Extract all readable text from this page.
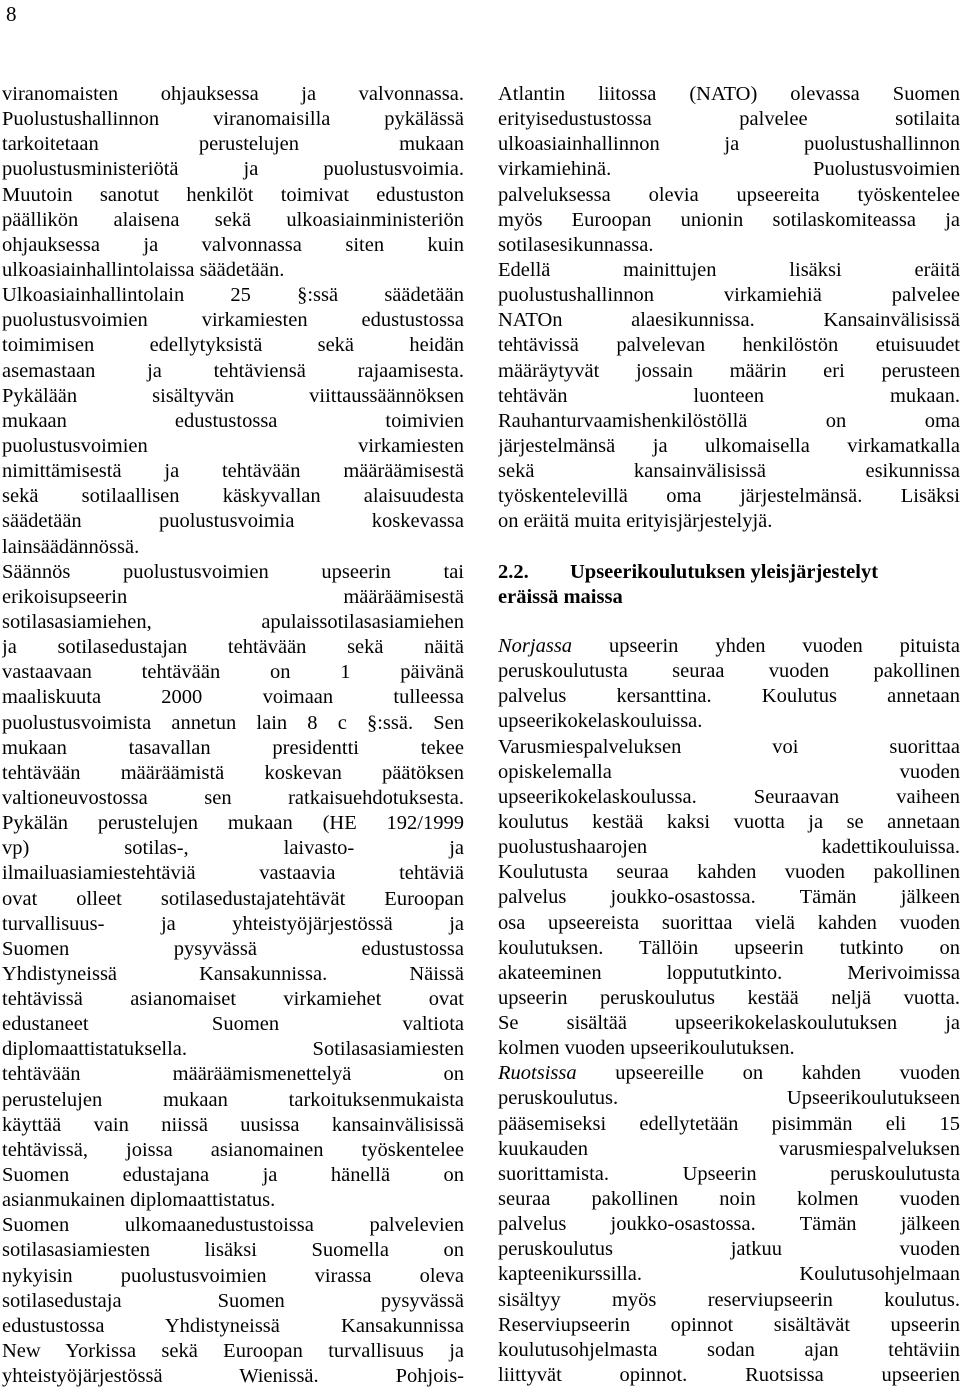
8
viranomaisten ohjauksessa ja valvonnassa.
Puolustushallinnon viranomaisilla pykälässä
tarkoitetaan perustelujen mukaan
puolustusministeriötä ja puolustusvoimia.
Muutoin sanotut henkilöt toimivat edustuston
päällikön alaisena sekä ulkoasiainministeriön
ohjauksessa ja valvonnassa siten kuin
ulkoasiainhallintolaissa säädetään.
Ulkoasiainhallintolain 25 §:ssä säädetään
puolustusvoimien virkamiesten edustustossa
toimimisen edellytyksistä sekä heidän
asemastaan ja tehtäviensä rajaamisesta.
Pykälään sisältyvän viittaussäännöksen
mukaan edustustossa toimivien
puolustusvoimien virkamiesten
nimittämisestä ja tehtävään määräämisestä
sekä sotilaallisen käskyvallan alaisuudesta
säädetään puolustusvoimia koskevassa
lainsäädännössä.
Säännös puolustusvoimien upseerin tai
erikoisupseerin määräämisestä
sotilasasiamiehen, apulaissotilasasiamiehen
ja sotilasedustajan tehtävään sekä näitä
vastaavaan tehtävään on 1 päivänä
maaliskuuta 2000 voimaan tulleessa
puolustusvoimista annetun lain 8 c §:ssä. Sen
mukaan tasavallan presidentti tekee
tehtävään määräämistä koskevan päätöksen
valtioneuvostossa sen ratkaisuehdotuksesta.
Pykälän perustelujen mukaan (HE 192/1999
vp) sotilas-, laivasto- ja
ilmailuasiamiestehtäviä vastaavia tehtäviä
ovat olleet sotilasedustajatehtävät Euroopan
turvallisuus- ja yhteistyöjärjestössä ja
Suomen pysyvässä edustustossa
Yhdistyneissä Kansakunnissa. Näissä
tehtävissä asianomaiset virkamiehet ovat
edustaneet Suomen valtiota
diplomaattistatuksella. Sotilasasiamiesten
tehtävään määräämismenettelyä on
perustelujen mukaan tarkoituksenmukaista
käyttää vain niissä uusissa kansainvälisissä
tehtävissä, joissa asianomainen työskentelee
Suomen edustajana ja hänellä on
asianmukainen diplomaattistatus.
Suomen ulkomaanedustustoissa palvelevien
sotilasasiamiesten lisäksi Suomella on
nykyisin puolustusvoimien virassa oleva
sotilasedustaja Suomen pysyvässä
edustustossa Yhdistyneissä Kansakunnissa
New Yorkissa sekä Euroopan turvallisuus ja
yhteistyöjärjestössä Wienissä. Pohjois-
Atlantin liitossa (NATO) olevassa Suomen
erityisedustustossa palvelee sotilaita
ulkoasiainhallinnon ja puolustushallinnon
virkamiehinä. Puolustusvoimien
palveluksessa olevia upseereita työskentelee
myös Euroopan unionin sotilaskomiteassa ja
sotilasesikunnassa.
Edellä mainittujen lisäksi eräitä
puolustushallinnon virkamiehiä palvelee
NATOn alaesikunnissa. Kansainvälisissä
tehtävissä palvelevan henkilöstön etuisuudet
määräytyvät jossain määrin eri perusteen
tehtävän luonteen mukaan.
Rauhanturvaamishenkilöstöllä on oma
järjestelmänsä ja ulkomaisella virkamatkalla
sekä kansainvälisissä esikunnissa
työskentelevillä oma järjestelmänsä. Lisäksi
on eräitä muita erityisjärjestelyjä.
2.2. Upseerikoulutuksen yleisjärjestelyt
eräissä maissa
Norjassa upseerin yhden vuoden pituista
peruskoulutusta seuraa vuoden pakollinen
palvelus kersanttina. Koulutus annetaan
upseerikokelaskouluissa.
Varusmiespalveluksen voi suorittaa
opiskelemalla vuoden
upseerikokelaskoulussa. Seuraavan vaiheen
koulutus kestää kaksi vuotta ja se annetaan
puolustushaarojen kadettikouluissa.
Koulutusta seuraa kahden vuoden pakollinen
palvelus joukko-osastossa. Tämän jälkeen
osa upseereista suorittaa vielä kahden vuoden
koulutuksen. Tällöin upseerin tutkinto on
akateeminen loppututkinto. Merivoimissa
upseerin peruskoulutus kestää neljä vuotta.
Se sisältää upseerikokelaskoulutuksen ja
kolmen vuoden upseerikoulutuksen.
Ruotsissa upseereille on kahden vuoden
peruskoulutus. Upseerikoulutukseen
pääsemiseksi edellytetään pisimmän eli 15
kuukauden varusmiespalveluksen
suorittamista. Upseerin peruskoulutusta
seuraa pakollinen noin kolmen vuoden
palvelus joukko-osastossa. Tämän jälkeen
peruskoulutus jatkuu vuoden
kapteenikurssilla. Koulutusohjelmaan
sisältyy myös reserviupseerin koulutus.
Reserviupseerin opinnot sisältävät upseerin
koulutusohjelmasta sodan ajan tehtäviin
liittyvät opinnot. Ruotsissa upseerien
